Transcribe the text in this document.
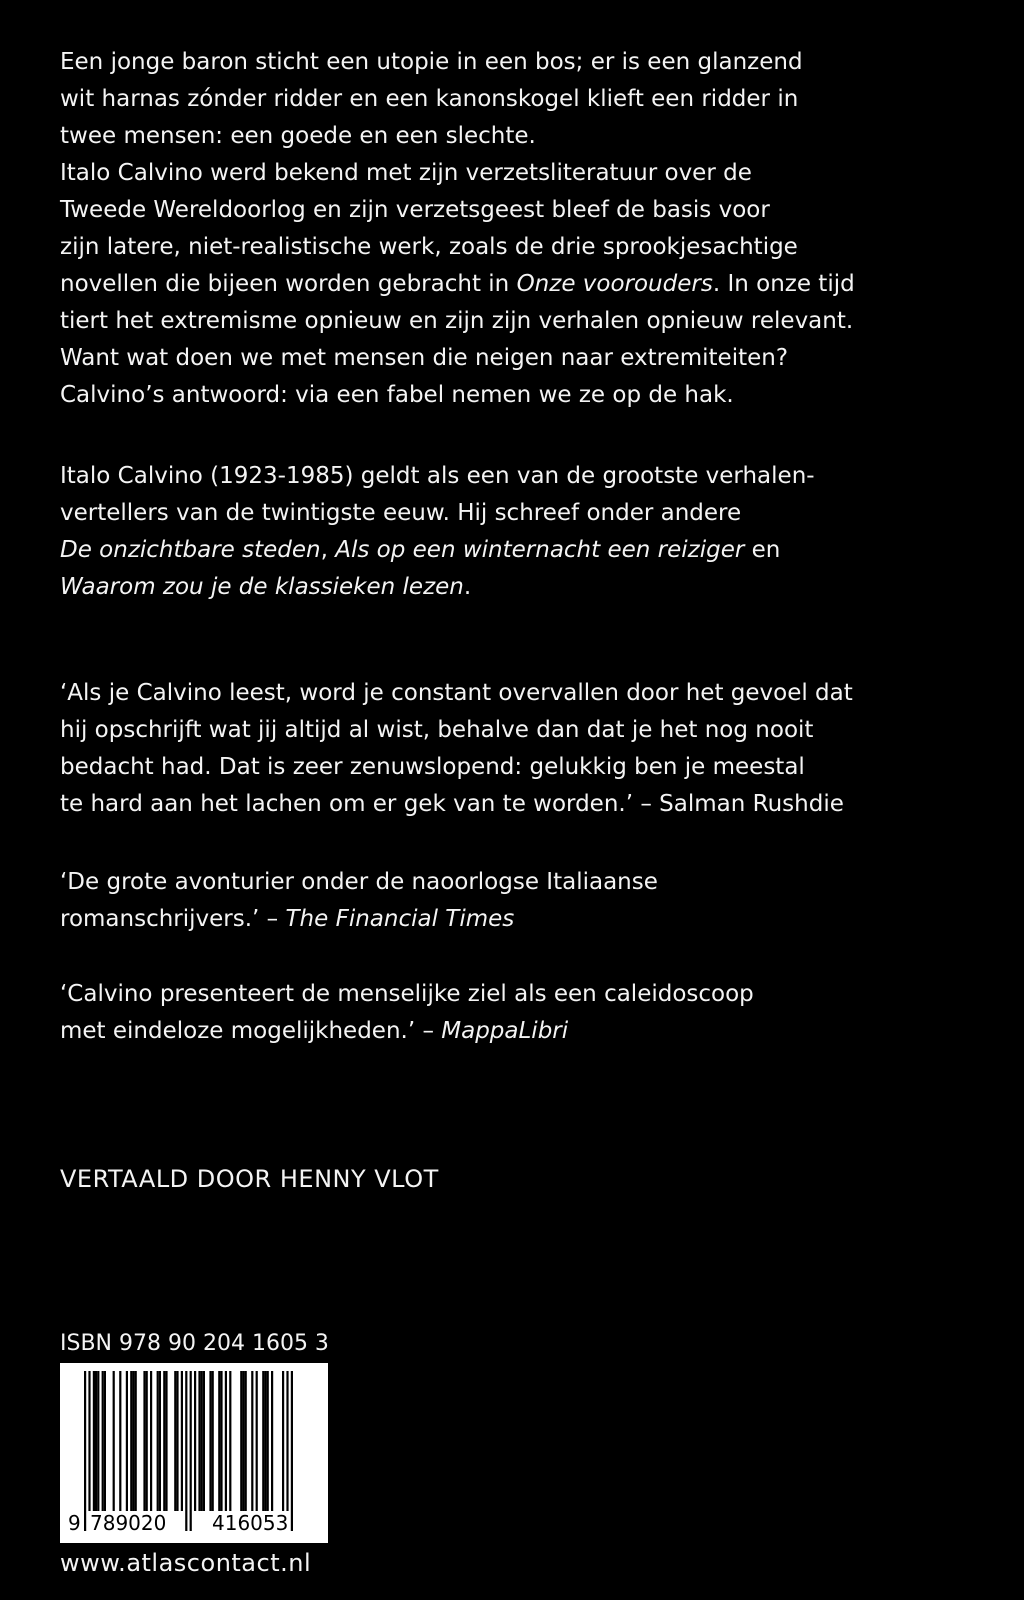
Een jonge baron sticht een utopie in een bos; er is een glanzend

wit harnas zónder ridder en een kanonskogel klieft een ridder in

twee mensen: een goede en een slechte.

Italo Calvino werd bekend met zijn verzetsliteratuur over de

Tweede Wereldoorlog en zijn verzetsgeest bleef de basis voor

zijn latere, niet-realistische werk, zoals de drie sprookjesachtige

novellen die bijeen worden gebracht in Onze voorouders. In onze tijd

tiert het extremisme opnieuw en zijn zijn verhalen opnieuw relevant.

Want wat doen we met mensen die neigen naar extremiteiten?

Calvino’s antwoord: via een fabel nemen we ze op de hak.

Italo Calvino (1923-1985) geldt als een van de grootste verhalen-

vertellers van de twintigste eeuw. Hij schreef onder andere

De onzichtbare steden, Als op een winternacht een reiziger en

Waarom zou je de klassieken lezen.

‘Als je Calvino leest, word je constant overvallen door het gevoel dat

hij opschrijft wat jij altijd al wist, behalve dan dat je het nog nooit

bedacht had. Dat is zeer zenuwslopend: gelukkig ben je meestal

te hard aan het lachen om er gek van te worden.’ – Salman Rushdie

‘De grote avonturier onder de naoorlogse Italiaanse

romanschrijvers.’ – The Financial Times

‘Calvino presenteert de menselijke ziel als een caleidoscoop

met eindeloze mogelijkheden.’ – MappaLibri

VERTAALD DOOR HENNY VLOT
ISBN 978 90 204 1605 3
9 789020 416053
www.atlascontact.nl
